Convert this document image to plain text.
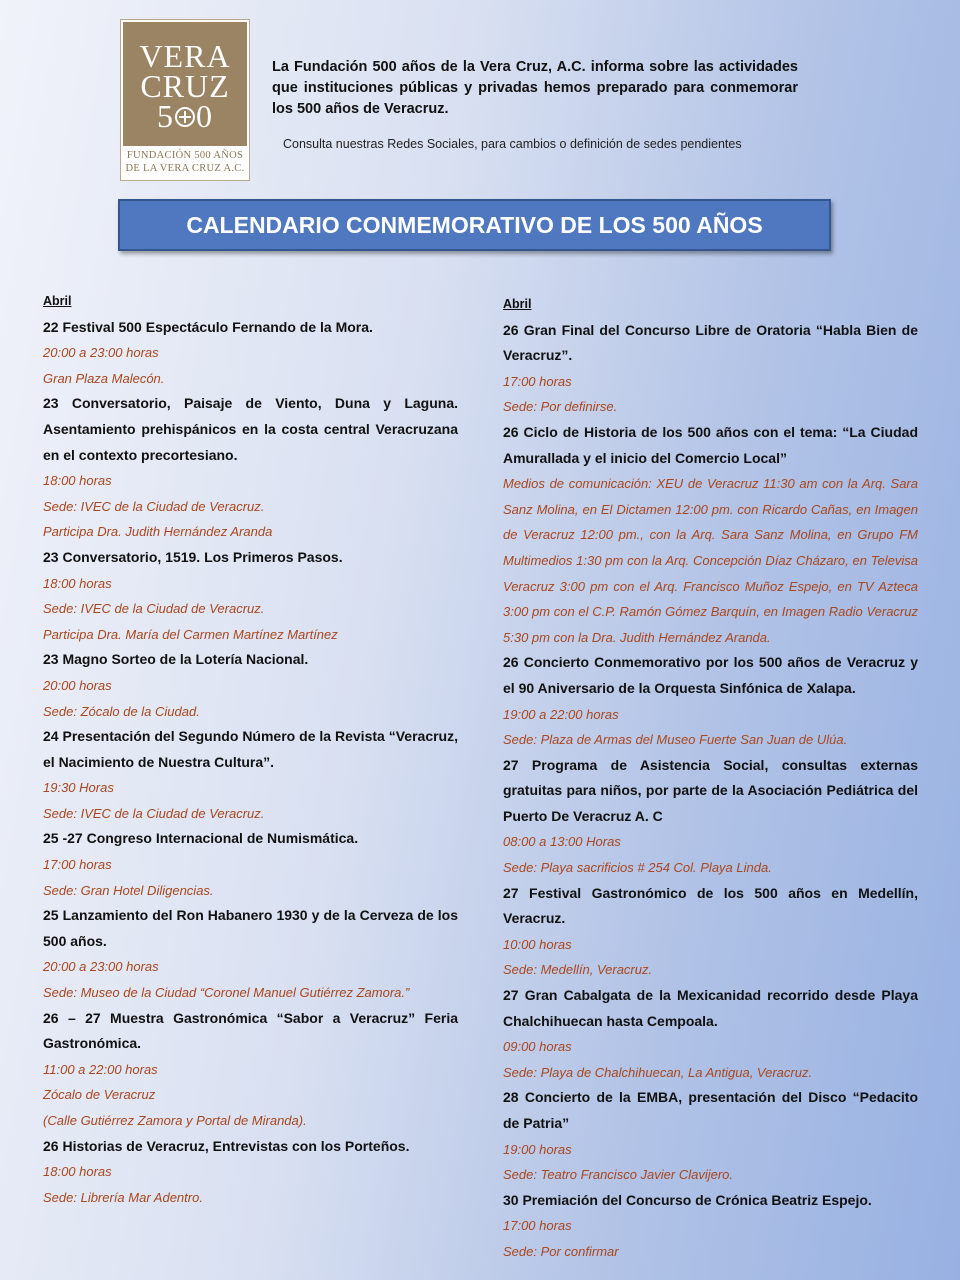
VERA
CRUZ
5 0
FUNDACIÓN 500 AÑOS
DE LA VERA CRUZ A.C.

La Fundación 500 años de la Vera Cruz, A.C. informa sobre las actividades que instituciones públicas y privadas hemos preparado para conmemorar los 500 años de Veracruz.

Consulta nuestras Redes Sociales, para cambios o definición de sedes pendientes

CALENDARIO CONMEMORATIVO DE LOS 500 AÑOS

Abril

22 Festival 500 Espectáculo Fernando de la Mora.

20:00 a 23:00 horas

Gran Plaza Malecón.

23 Conversatorio, Paisaje de Viento, Duna y Laguna. Asentamiento prehispánicos en la costa central Veracruzana en el contexto precortesiano.

18:00 horas

Sede: IVEC de la Ciudad de Veracruz.

Participa Dra. Judith Hernández Aranda

23 Conversatorio, 1519. Los Primeros Pasos.

18:00 horas

Sede: IVEC de la Ciudad de Veracruz.

Participa Dra. María del Carmen Martínez Martínez

23 Magno Sorteo de la Lotería Nacional.

20:00 horas

Sede: Zócalo de la Ciudad.

24 Presentación del Segundo Número de la Revista “Veracruz, el Nacimiento de Nuestra Cultura”.

19:30 Horas

Sede: IVEC de la Ciudad de Veracruz.

25 -27 Congreso Internacional de Numismática.

17:00 horas

Sede: Gran Hotel Diligencias.

25 Lanzamiento del Ron Habanero 1930 y de la Cerveza de los 500 años.

20:00 a 23:00 horas

Sede: Museo de la Ciudad “Coronel Manuel Gutiérrez Zamora.”

26 – 27 Muestra Gastronómica “Sabor a Veracruz” Feria Gastronómica.

11:00 a 22:00 horas

Zócalo de Veracruz

(Calle Gutiérrez Zamora y Portal de Miranda).

26 Historias de Veracruz, Entrevistas con los Porteños.

18:00 horas

Sede: Librería Mar Adentro.

Abril

26 Gran Final del Concurso Libre de Oratoria “Habla Bien de Veracruz”.

17:00 horas

Sede: Por definirse.

26 Ciclo de Historia de los 500 años con el tema: “La Ciudad Amurallada y el inicio del Comercio Local”

Medios de comunicación: XEU de Veracruz 11:30 am con la Arq. Sara Sanz Molina, en El Dictamen 12:00 pm. con Ricardo Cañas, en Imagen de Veracruz 12:00 pm., con la Arq. Sara Sanz Molina, en Grupo FM Multimedios 1:30 pm con la Arq. Concepción Díaz Cházaro, en Televisa Veracruz 3:00 pm con el Arq. Francisco Muñoz Espejo, en TV Azteca 3:00 pm con el C.P. Ramón Gómez Barquín, en Imagen Radio Veracruz 5:30 pm con la Dra. Judith Hernández Aranda.

26 Concierto Conmemorativo por los 500 años de Veracruz y el 90 Aniversario de la Orquesta Sinfónica de Xalapa.

19:00 a 22:00 horas

Sede: Plaza de Armas del Museo Fuerte San Juan de Ulúa.

27 Programa de Asistencia Social, consultas externas gratuitas para niños, por parte de la Asociación Pediátrica del Puerto De Veracruz A. C

08:00 a 13:00 Horas

Sede: Playa sacrificios # 254 Col. Playa Linda.

27 Festival Gastronómico de los 500 años en Medellín, Veracruz.

10:00 horas

Sede: Medellín, Veracruz.

27 Gran Cabalgata de la Mexicanidad recorrido desde Playa Chalchihuecan hasta Cempoala.

09:00 horas

Sede: Playa de Chalchihuecan, La Antigua, Veracruz.

28 Concierto de la EMBA, presentación del Disco “Pedacito de Patria”

19:00 horas

Sede: Teatro Francisco Javier Clavijero.

30 Premiación del Concurso de Crónica Beatriz Espejo.

17:00 horas

Sede: Por confirmar
